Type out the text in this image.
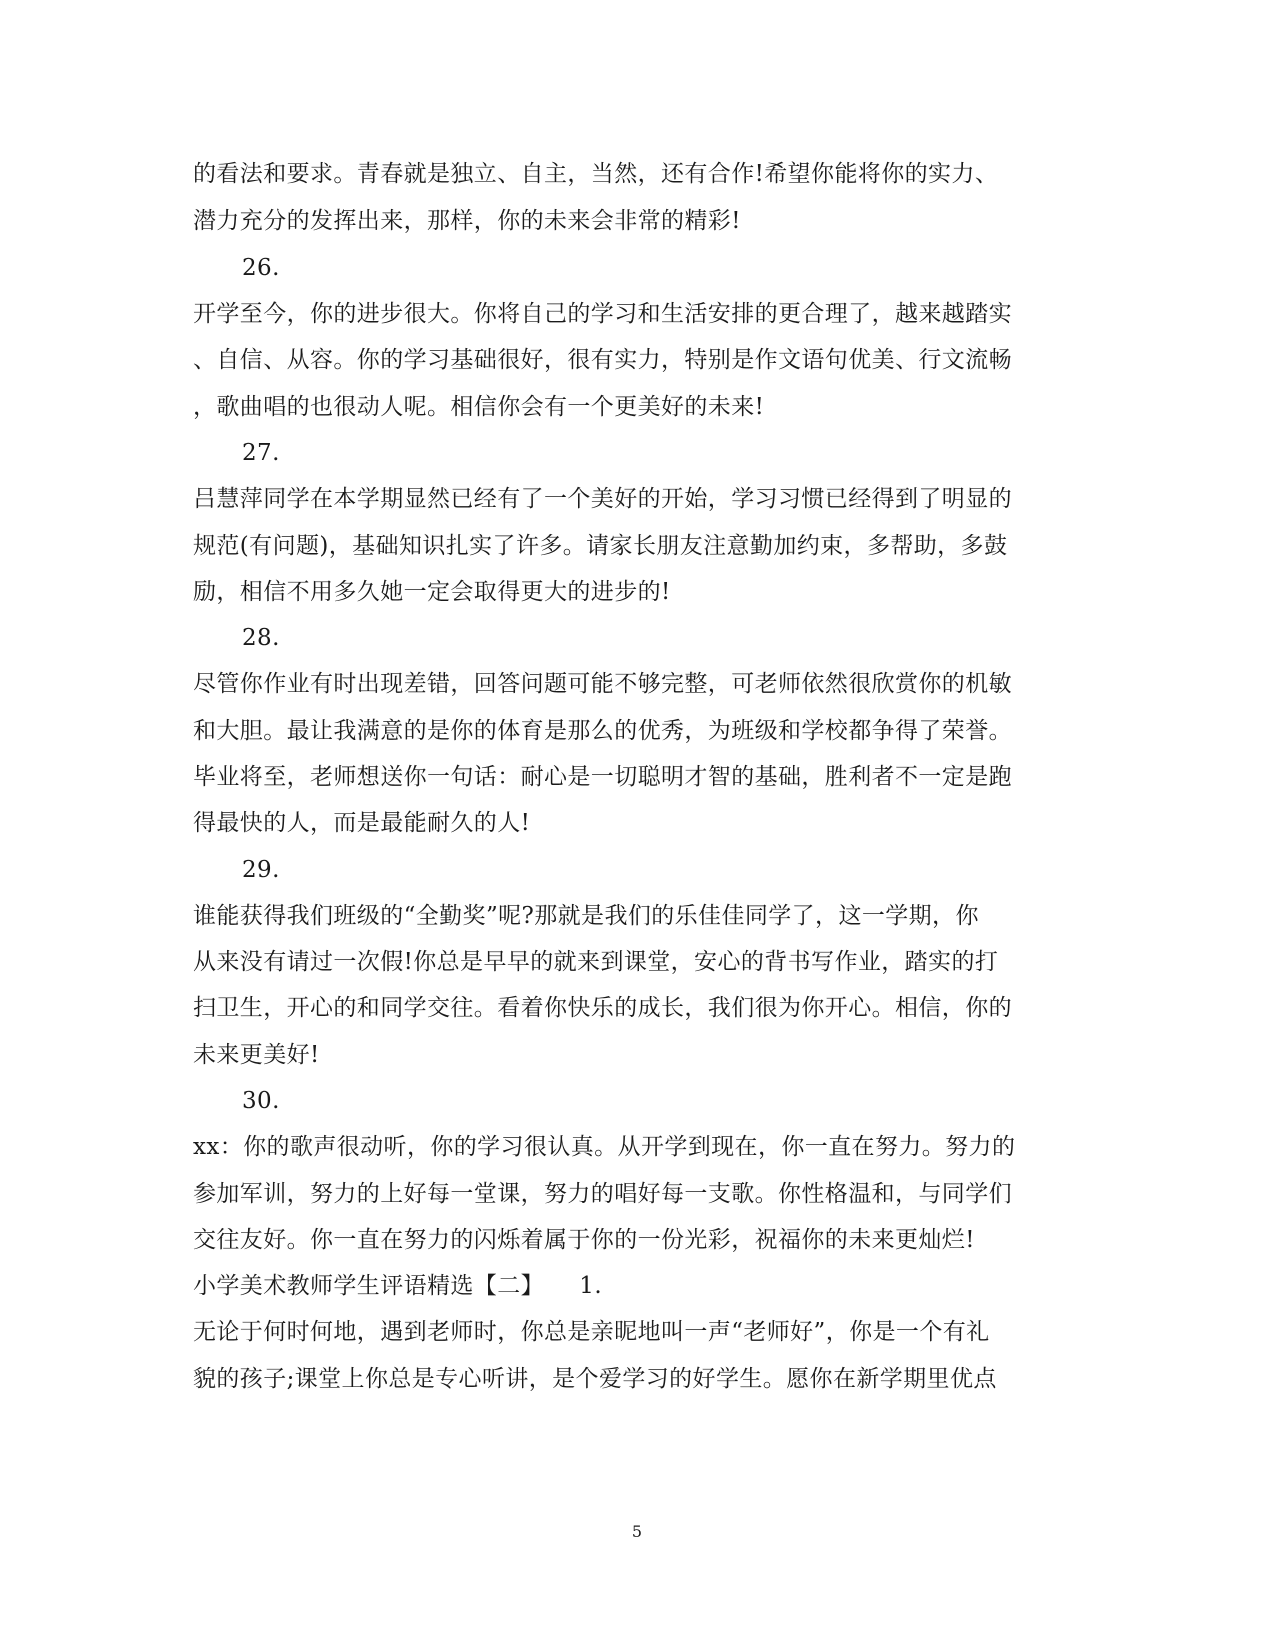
的看法和要求。青春就是独立、自主，当然，还有合作!希望你能将你的实力、
潜力充分的发挥出来，那样，你的未来会非常的精彩!
26.
开学至今，你的进步很大。你将自己的学习和生活安排的更合理了，越来越踏实
、自信、从容。你的学习基础很好，很有实力，特别是作文语句优美、行文流畅
，歌曲唱的也很动人呢。相信你会有一个更美好的未来!
27.
吕慧萍同学在本学期显然已经有了一个美好的开始，学习习惯已经得到了明显的
规范(有问题)，基础知识扎实了许多。请家长朋友注意勤加约束，多帮助，多鼓
励，相信不用多久她一定会取得更大的进步的!
28.
尽管你作业有时出现差错，回答问题可能不够完整，可老师依然很欣赏你的机敏
和大胆。最让我满意的是你的体育是那么的优秀，为班级和学校都争得了荣誉。
毕业将至，老师想送你一句话：耐心是一切聪明才智的基础，胜利者不一定是跑
得最快的人，而是最能耐久的人!
29.
谁能获得我们班级的“全勤奖”呢?那就是我们的乐佳佳同学了，这一学期，你
从来没有请过一次假!你总是早早的就来到课堂，安心的背书写作业，踏实的打
扫卫生，开心的和同学交往。看着你快乐的成长，我们很为你开心。相信，你的
未来更美好!
30.
xx：你的歌声很动听，你的学习很认真。从开学到现在，你一直在努力。努力的
参加军训，努力的上好每一堂课，努力的唱好每一支歌。你性格温和，与同学们
交往友好。你一直在努力的闪烁着属于你的一份光彩，祝福你的未来更灿烂!
小学美术教师学生评语精选【二】　　1.
无论于何时何地，遇到老师时，你总是亲昵地叫一声“老师好”，你是一个有礼
貌的孩子;课堂上你总是专心听讲，是个爱学习的好学生。愿你在新学期里优点
5
